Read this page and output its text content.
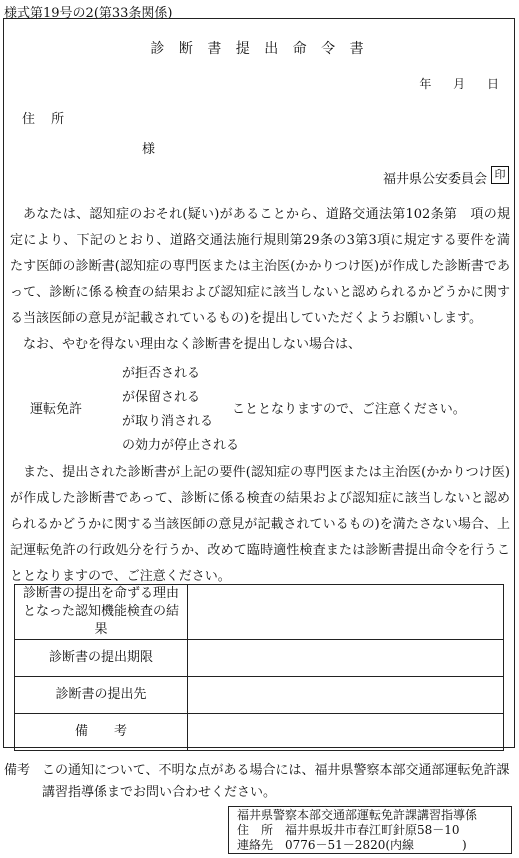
様式第19号の2(第33条関係)
診 断 書 提 出 命 令 書
年 月 日
住 所
様
福井県公安委員会 印
あなたは、認知症のおそれ(疑い)があることから、道路交通法第102条第　項の規定により、下記のとおり、道路交通法施行規則第29条の3第3項に規定する要件を満たす医師の診断書(認知症の専門医または主治医(かかりつけ医)が作成した診断書であって、診断に係る検査の結果および認知症に該当しないと認められるかどうかに関する当該医師の意見が記載されているもの)を提出していただくようお願いします。
なお、やむを得ない理由なく診断書を提出しない場合は、
運転免許
が拒否される
が保留される
が取り消される
の効力が停止される
こととなりますので、ご注意ください。
また、提出された診断書が上記の要件(認知症の専門医または主治医(かかりつけ医)が作成した診断書であって、診断に係る検査の結果および認知症に該当しないと認められるかどうかに関する当該医師の意見が記載されているもの)を満たさない場合、上記運転免許の行政処分を行うか、改めて臨時適性検査または診断書提出命令を行うこととなりますので、ご注意ください。
診断書の提出を命ずる理由
となった認知機能検査の結果	

診断書の提出期限	
診断書の提出先	
備　　考	
備考 この通知について、不明な点がある場合には、福井県警察本部交通部運転免許課講習指導係までお問い合わせください。
福井県警察本部交通部運転免許課講習指導係
住　所　福井県坂井市春江町針原58－10
連絡先　0776－51－2820(内線　　　　)
